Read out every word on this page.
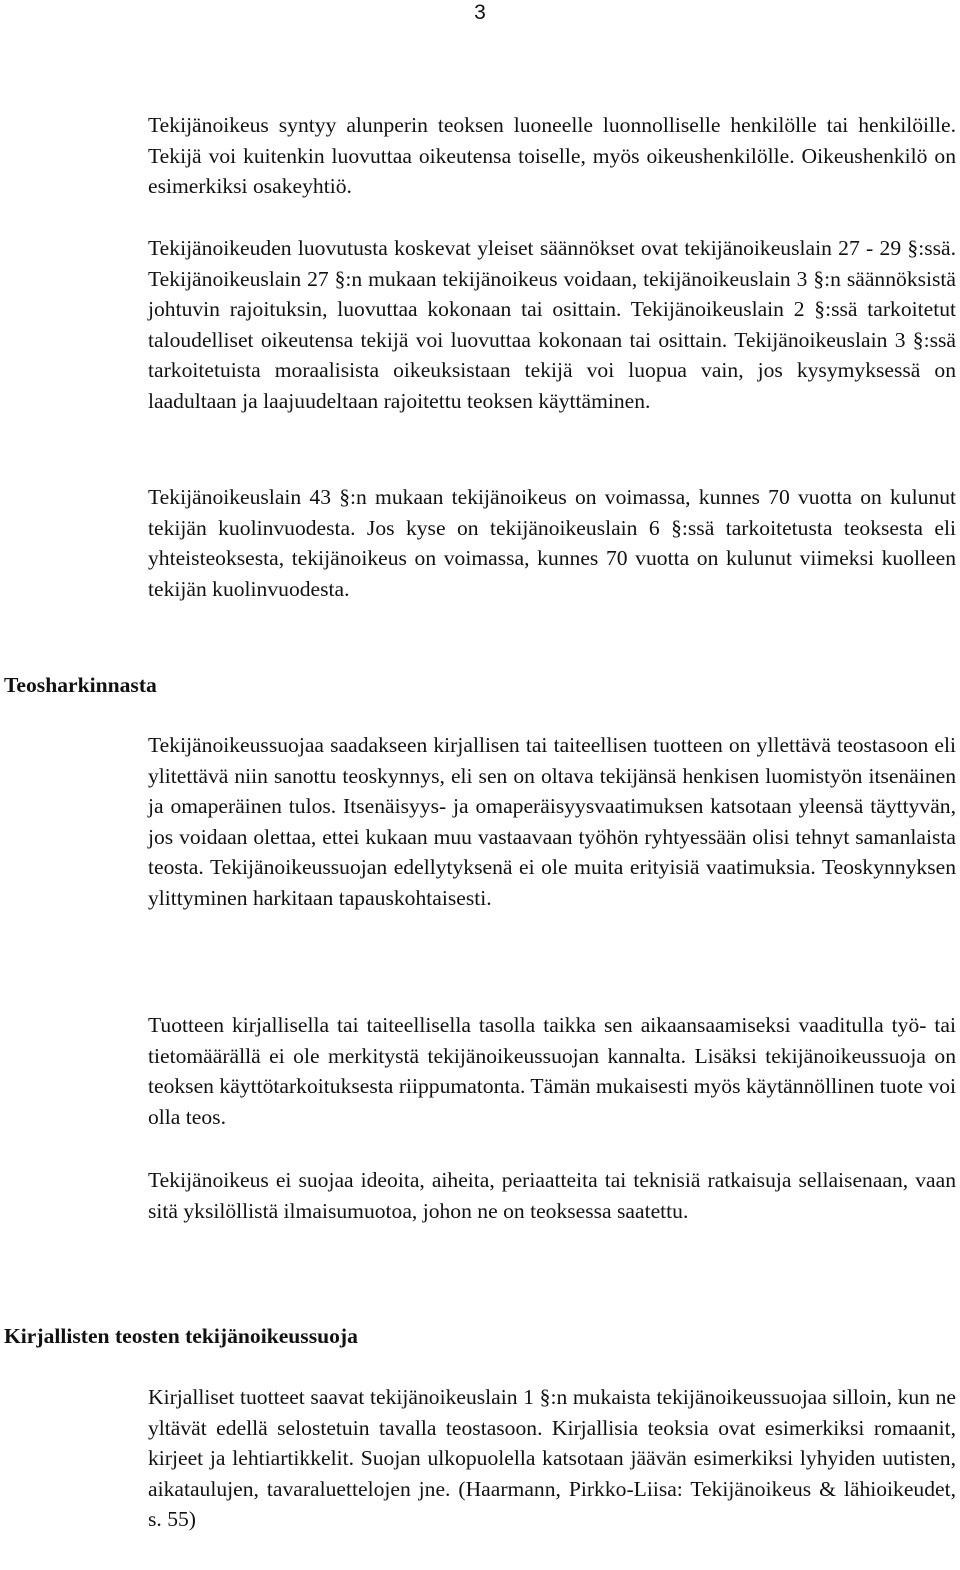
3

Tekijänoikeus syntyy alunperin teoksen luoneelle luonnolliselle henkilölle tai henkilöille. Tekijä voi kuitenkin luovuttaa oikeutensa toiselle, myös oikeushenkilölle. Oikeushenkilö on esimerkiksi osakeyhtiö.

Tekijänoikeuden luovutusta koskevat yleiset säännökset ovat tekijänoikeuslain 27 - 29 §:ssä. Tekijänoikeuslain 27 §:n mukaan tekijänoikeus voidaan, tekijänoikeuslain 3 §:n säännöksistä johtuvin rajoituksin, luovuttaa kokonaan tai osittain. Tekijänoikeuslain 2 §:ssä tarkoitetut taloudelliset oikeutensa tekijä voi luovuttaa kokonaan tai osittain. Tekijänoikeuslain 3 §:ssä tarkoitetuista moraalisista oikeuksistaan tekijä voi luopua vain, jos kysymyksessä on laadultaan ja laajuudeltaan rajoitettu teoksen käyttäminen.

Tekijänoikeuslain 43 §:n mukaan tekijänoikeus on voimassa, kunnes 70 vuotta on kulunut tekijän kuolinvuodesta. Jos kyse on tekijänoikeuslain 6 §:ssä tarkoitetusta teoksesta eli yhteisteoksesta, tekijänoikeus on voimassa, kunnes 70 vuotta on kulunut viimeksi kuolleen tekijän kuolinvuodesta.

Teosharkinnasta

Tekijänoikeussuojaa saadakseen kirjallisen tai taiteellisen tuotteen on yllettävä teostasoon eli ylitettävä niin sanottu teoskynnys, eli sen on oltava tekijänsä henkisen luomistyön itsenäinen ja omaperäinen tulos. Itsenäisyys- ja omaperäisyysvaatimuksen katsotaan yleensä täyttyvän, jos voidaan olettaa, ettei kukaan muu vastaavaan työhön ryhtyessään olisi tehnyt samanlaista teosta. Tekijänoikeussuojan edellytyksenä ei ole muita erityisiä vaatimuksia. Teoskynnyksen ylittyminen harkitaan tapauskohtaisesti.

Tuotteen kirjallisella tai taiteellisella tasolla taikka sen aikaansaamiseksi vaaditulla työ- tai tietomäärällä ei ole merkitystä tekijänoikeussuojan kannalta. Lisäksi tekijänoikeussuoja on teoksen käyttötarkoituksesta riippumatonta. Tämän mukaisesti myös käytännöllinen tuote voi olla teos.

Tekijänoikeus ei suojaa ideoita, aiheita, periaatteita tai teknisiä ratkaisuja sellaisenaan, vaan sitä yksilöllistä ilmaisumuotoa, johon ne on teoksessa saatettu.

Kirjallisten teosten tekijänoikeussuoja

Kirjalliset tuotteet saavat tekijänoikeuslain 1 §:n mukaista tekijänoikeussuojaa silloin, kun ne yltävät edellä selostetuin tavalla teostasoon. Kirjallisia teoksia ovat esimerkiksi romaanit, kirjeet ja lehtiartikkelit. Suojan ulkopuolella katsotaan jäävän esimerkiksi lyhyiden uutisten, aikataulujen, tavaraluettelojen jne. (Haarmann, Pirkko-Liisa: Tekijänoikeus & lähioikeudet, s. 55)
